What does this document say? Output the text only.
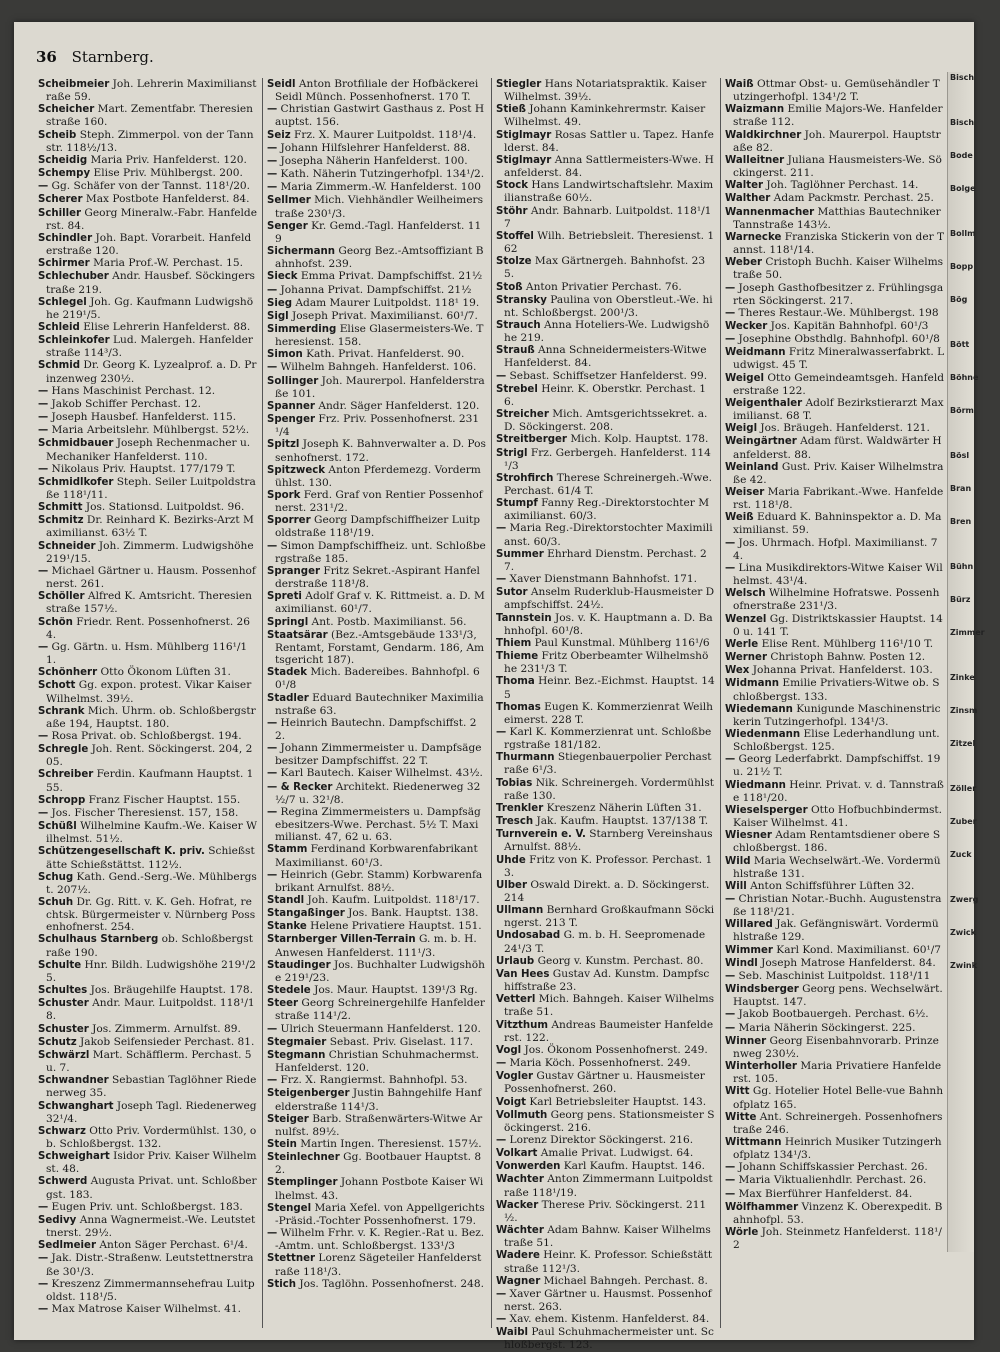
36 Starnberg.
Scheibmeier Joh. Lehrerin Maximilianstraße 59.
Scheicher Mart. Zementfabr. Theresienstraße 160.
Scheib Steph. Zimmerpol. von der Tannstr. 118½/13.
Scheidig Maria Priv. Hanfelderst. 120.
Schempy Elise Priv. Mühlbergst. 200.
— Gg. Schäfer von der Tannst. 118¹/20.
Scherer Max Postbote Hanfelderst. 84.
Schiller Georg Mineralw.-Fabr. Hanfelderst. 84.
Schindler Joh. Bapt. Vorarbeit. Hanfelderstraße 120.
Schirmer Maria Prof.-W. Perchast. 15.
Schlechuber Andr. Hausbef. Söckingerstraße 219.
Schlegel Joh. Gg. Kaufmann Ludwigshöhe 219¹/5.
Schleid Elise Lehrerin Hanfelderst. 88.
Schleinkofer Lud. Malergeh. Hanfelderstraße 114³/3.
Schmid Dr. Georg K. Lyzealprof. a. D. Prinzenweg 230½.
— Hans Maschinist Perchast. 12.
— Jakob Schiffer Perchast. 12.
— Joseph Hausbef. Hanfelderst. 115.
— Maria Arbeitslehr. Mühlbergst. 52½.
Schmidbauer Joseph Rechenmacher u. Mechaniker Hanfelderst. 110.
— Nikolaus Priv. Hauptst. 177/179 T.
Schmidlkofer Steph. Seiler Luitpoldstraße 118¹/11.
Schmitt Jos. Stationsd. Luitpoldst. 96.
Schmitz Dr. Reinhard K. Bezirks-Arzt Maximilianst. 63½ T.
Schneider Joh. Zimmerm. Ludwigshöhe 219¹/15.
— Michael Gärtner u. Hausm. Possenhofnerst. 261.
Schöller Alfred K. Amtsricht. Theresienstraße 157½.
Schön Friedr. Rent. Possenhofnerst. 264.
— Gg. Gärtn. u. Hsm. Mühlberg 116¹/11.
Schönherr Otto Ökonom Lüften 31.
Schott Gg. expon. protest. Vikar Kaiser Wilhelmst. 39½.
Schrank Mich. Uhrm. ob. Schloßbergstraße 194, Hauptst. 180.
— Rosa Privat. ob. Schloßbergst. 194.
Schregle Joh. Rent. Söckingerst. 204, 205.
Schreiber Ferdin. Kaufmann Hauptst. 155.
Schropp Franz Fischer Hauptst. 155.
— Jos. Fischer Theresienst. 157, 158.
Schüßl Wilhelmine Kaufm.-We. Kaiser Wilhelmst. 51½.
Schützengesellschaft K. priv. Schießstätte Schießstättst. 112½.
Schug Kath. Gend.-Serg.-We. Mühlbergst. 207½.
Schuh Dr. Gg. Ritt. v. K. Geh. Hofrat, rechtsk. Bürgermeister v. Nürnberg Possenhofnerst. 254.
Schulhaus Starnberg ob. Schloßbergstraße 190.
Schulte Hnr. Bildh. Ludwigshöhe 219¹/25.
Schultes Jos. Bräugehilfe Hauptst. 178.
Schuster Andr. Maur. Luitpoldst. 118¹/18.
Schuster Jos. Zimmerm. Arnulfst. 89.
Schutz Jakob Seifensieder Perchast. 81.
Schwärzl Mart. Schäfflerm. Perchast. 5u. 7.
Schwandner Sebastian Taglöhner Riedenerweg 35.
Schwanghart Joseph Tagl. Riedenerweg 32¹/4.
Schwarz Otto Priv. Vordermühlst. 130, ob. Schloßbergst. 132.
Schweighart Isidor Priv. Kaiser Wilhelmst. 48.
Schwerd Augusta Privat. unt. Schloßbergst. 183.
— Eugen Priv. unt. Schloßbergst. 183.
Sedivy Anna Wagnermeist.-We. Leutstettnerst. 29½.
Sedlmeier Anton Säger Perchast. 6¹/4.
— Jak. Distr.-Straßenw. Leutstettnerstraße 30¹/3.
— Kreszenz Zimmermannsehefrau Luitpoldst. 118¹/5.
— Max Matrose Kaiser Wilhelmst. 41.
Seidl Anton Brotfiliale der Hofbäckerei Seidl Münch. Possenhofnerst. 170 T.
— Christian Gastwirt Gasthaus z. Post Hauptst. 156.
Seiz Frz. X. Maurer Luitpoldst. 118¹/4.
— Johann Hilfslehrer Hanfelderst. 88.
— Josepha Näherin Hanfelderst. 100.
— Kath. Näherin Tutzingerhofpl. 134¹/2.
— Maria Zimmerm.-W. Hanfelderst. 100
Sellmer Mich. Viehhändler Weilheimerstraße 230¹/3.
Senger Kr. Gemd.-Tagl. Hanfelderst. 119
Sichermann Georg Bez.-Amtsoffiziant Bahnhofst. 239.
Sieck Emma Privat. Dampfschiffst. 21½
— Johanna Privat. Dampfschiffst. 21½
Sieg Adam Maurer Luitpoldst. 118¹ 19.
Sigl Joseph Privat. Maximilianst. 60¹/7.
Simmerding Elise Glasermeisters-We. Theresienst. 158.
Simon Kath. Privat. Hanfelderst. 90.
— Wilhelm Bahngeh. Hanfelderst. 106.
Sollinger Joh. Maurerpol. Hanfelderstraße 101.
Spanner Andr. Säger Hanfelderst. 120.
Spenger Frz. Priv. Possenhofnerst. 231¹/4
Spitzl Joseph K. Bahnverwalter a. D. Possenhofnerst. 172.
Spitzweck Anton Pferdemezg. Vordermühlst. 130.
Spork Ferd. Graf von Rentier Possenhofnerst. 231¹/2.
Sporrer Georg Dampfschiffheizer Luitpoldstraße 118¹/19.
— Simon Dampfschiffheiz. unt. Schloßbergstraße 185.
Spranger Fritz Sekret.-Aspirant Hanfelderstraße 118¹/8.
Spreti Adolf Graf v. K. Rittmeist. a. D. Maximilianst. 60¹/7.
Springl Ant. Postb. Maximilianst. 56.
Staatsärar (Bez.-Amtsgebäude 133¹/3, Rentamt, Forstamt, Gendarm. 186, Amtsgericht 187).
Stadek Mich. Badereibes. Bahnhofpl. 60¹/8
Stadler Eduard Bautechniker Maximilianstraße 63.
— Heinrich Bautechn. Dampfschiffst. 22.
— Johann Zimmermeister u. Dampfsägebesitzer Dampfschiffst. 22 T.
— Karl Bautech. Kaiser Wilhelmst. 43½.
— & Recker Architekt. Riedenerweg 32½/7 u. 32¹/8.
— Regina Zimmermeisters u. Dampfsägebesitzers-Wwe. Perchast. 5½ T. Maximilianst. 47, 62 u. 63.
Stamm Ferdinand Korbwarenfabrikant Maximilianst. 60¹/3.
— Heinrich (Gebr. Stamm) Korbwarenfabrikant Arnulfst. 88½.
Standl Joh. Kaufm. Luitpoldst. 118¹/17.
Stangaßinger Jos. Bank. Hauptst. 138.
Stanke Helene Privatiere Hauptst. 151.
Starnberger Villen-Terrain G. m. b. H. Anwesen Hanfelderst. 111¹/3.
Staudinger Jos. Buchhalter Ludwigshöhe 219¹/23.
Stedele Jos. Maur. Hauptst. 139¹/3 Rg.
Steer Georg Schreinergehilfe Hanfelderstraße 114¹/2.
— Ulrich Steuermann Hanfelderst. 120.
Stegmaier Sebast. Priv. Giselast. 117.
Stegmann Christian Schuhmachermst. Hanfelderst. 120.
— Frz. X. Rangiermst. Bahnhofpl. 53.
Steigenberger Justin Bahngehilfe Hanfelderstraße 114¹/3.
Steiger Barb. Straßenwärters-Witwe Arnulfst. 89½.
Stein Martin Ingen. Theresienst. 157½.
Steinlechner Gg. Bootbauer Hauptst. 82.
Stemplinger Johann Postbote Kaiser Wilhelmst. 43.
Stengel Maria Xefel. von Appellgerichts-Präsid.-Tochter Possenhofnerst. 179.
— Wilhelm Frhr. v. K. Regier.-Rat u. Bez.-Amtm. unt. Schloßbergst. 133¹/3
Stettner Lorenz Sägeteiler Hanfelderstraße 118¹/3.
Stich Jos. Taglöhn. Possenhofnerst. 248.
Stiegler Hans Notariatspraktik. Kaiser Wilhelmst. 39½.
Stieß Johann Kaminkehrermstr. Kaiser Wilhelmst. 49.
Stiglmayr Rosas Sattler u. Tapez. Hanfelderst. 84.
Stiglmayr Anna Sattlermeisters-Wwe. Hanfelderst. 84.
Stock Hans Landwirtschaftslehr. Maximilianstraße 60½.
Stöhr Andr. Bahnarb. Luitpoldst. 118¹/17
Stoffel Wilh. Betriebsleit. Theresienst. 162
Stolze Max Gärtnergeh. Bahnhofst. 235.
Stoß Anton Privatier Perchast. 76.
Stransky Paulina von Oberstleut.-We. hint. Schloßbergst. 200¹/3.
Strauch Anna Hoteliers-We. Ludwigshöhe 219.
Strauß Anna Schneidermeisters-Witwe Hanfelderst. 84.
— Sebast. Schiffsetzer Hanfelderst. 99.
Strebel Heinr. K. Oberstkr. Perchast. 16.
Streicher Mich. Amtsgerichtssekret. a. D. Söckingerst. 208.
Streitberger Mich. Kolp. Hauptst. 178.
Strigl Frz. Gerbergeh. Hanfelderst. 114¹/3
Strohfirch Therese Schreinergeh.-Wwe. Perchast. 61/4 T.
Stumpf Fanny Reg.-Direktorstochter Maximilianst. 60/3.
— Maria Reg.-Direktorstochter Maximilianst. 60/3.
Summer Ehrhard Dienstm. Perchast. 27.
— Xaver Dienstmann Bahnhofst. 171.
Sutor Anselm Ruderklub-Hausmeister Dampfschiffst. 24½.
Tannstein Jos. v. K. Hauptmann a. D. Bahnhofpl. 60¹/8.
Thiem Paul Kunstmal. Mühlberg 116¹/6
Thieme Fritz Oberbeamter Wilhelmshöhe 231¹/3 T.
Thoma Heinr. Bez.-Eichmst. Hauptst. 145
Thomas Eugen K. Kommerzienrat Weilheimerst. 228 T.
— Karl K. Kommerzienrat unt. Schloßbergstraße 181/182.
Thurmann Stiegenbauerpolier Perchastraße 6¹/3.
Tobias Nik. Schreinergeh. Vordermühlstraße 130.
Trenkler Kreszenz Näherin Lüften 31.
Tresch Jak. Kaufm. Hauptst. 137/138 T.
Turnverein e. V. Starnberg Vereinshaus Arnulfst. 88½.
Uhde Fritz von K. Professor. Perchast. 13.
Ulber Oswald Direkt. a. D. Söckingerst. 214
Ullmann Bernhard Großkaufmann Söckingerst. 213 T.
Undosabad G. m. b. H. Seepromenade 24¹/3 T.
Urlaub Georg v. Kunstm. Perchast. 80.
Van Hees Gustav Ad. Kunstm. Dampfschiffstraße 23.
Vetterl Mich. Bahngeh. Kaiser Wilhelmstraße 51.
Vitzthum Andreas Baumeister Hanfelderst. 122.
Vogl Jos. Ökonom Possenhofnerst. 249.
— Maria Köch. Possenhofnerst. 249.
Vogler Gustav Gärtner u. Hausmeister Possenhofnerst. 260.
Voigt Karl Betriebsleiter Hauptst. 143.
Vollmuth Georg pens. Stationsmeister Söckingerst. 216.
— Lorenz Direktor Söckingerst. 216.
Volkart Amalie Privat. Ludwigst. 64.
Vonwerden Karl Kaufm. Hauptst. 146.
Wachter Anton Zimmermann Luitpoldstraße 118¹/19.
Wacker Therese Priv. Söckingerst. 211½.
Wächter Adam Bahnw. Kaiser Wilhelmstraße 51.
Wadere Heinr. K. Professor. Schießstättstraße 112¹/3.
Wagner Michael Bahngeh. Perchast. 8.
— Xaver Gärtner u. Hausmst. Possenhofnerst. 263.
— Xav. ehem. Kistenm. Hanfelderst. 84.
Waibl Paul Schuhmachermeister unt. Schloßbergst. 123.
Waiß Ottmar Obst- u. Gemüsehändler Tutzingerhofpl. 134¹/2 T.
Waizmann Emilie Majors-We. Hanfelderstraße 112.
Waldkirchner Joh. Maurerpol. Hauptstraße 82.
Walleitner Juliana Hausmeisters-We. Söckingerst. 211.
Walter Joh. Taglöhner Perchast. 14.
Walther Adam Packmstr. Perchast. 25.
Wannenmacher Matthias Bautechniker Tannstraße 143½.
Warnecke Franziska Stickerin von der Tannst. 118¹/14.
Weber Cristoph Buchh. Kaiser Wilhelmstraße 50.
— Joseph Gasthofbesitzer z. Frühlingsgarten Söckingerst. 217.
— Theres Restaur.-We. Mühlbergst. 198
Wecker Jos. Kapitän Bahnhofpl. 60¹/3
— Josephine Obsthdlg. Bahnhofpl. 60¹/8
Weidmann Fritz Mineralwasserfabrkt. Ludwigst. 45 T.
Weigel Otto Gemeindeamtsgeh. Hanfelderstraße 122.
Weigenthaler Adolf Bezirkstierarzt Maximilianst. 68 T.
Weigl Jos. Bräugeh. Hanfelderst. 121.
Weingärtner Adam fürst. Waldwärter Hanfelderst. 88.
Weinland Gust. Priv. Kaiser Wilhelmstraße 42.
Weiser Maria Fabrikant.-Wwe. Hanfelderst. 118¹/8.
Weiß Eduard K. Bahninspektor a. D. Maximilianst. 59.
— Jos. Uhrmach. Hofpl. Maximilianst. 74.
— Lina Musikdirektors-Witwe Kaiser Wilhelmst. 43¹/4.
Welsch Wilhelmine Hofratswe. Possenhofnerstraße 231¹/3.
Wenzel Gg. Distriktskassier Hauptst. 140 u. 141 T.
Werle Elise Rent. Mühlberg 116¹/10 T.
Werner Christoph Bahnw. Posten 12.
Wex Johanna Privat. Hanfelderst. 103.
Widmann Emilie Privatiers-Witwe ob. Schloßbergst. 133.
Wiedemann Kunigunde Maschinenstrickerin Tutzingerhofpl. 134¹/3.
Wiedenmann Elise Lederhandlung unt. Schloßbergst. 125.
— Georg Lederfabrkt. Dampfschiffst. 19 u. 21½ T.
Wiedmann Heinr. Privat. v. d. Tannstraße 118¹/20.
Wieselsperger Otto Hofbuchbindermst. Kaiser Wilhelmst. 41.
Wiesner Adam Rentamtsdiener obere Schloßbergst. 186.
Wild Maria Wechselwärt.-We. Vordermühlstraße 131.
Will Anton Schiffsführer Lüften 32.
— Christian Notar.-Buchh. Augustenstraße 118¹/21.
Willared Jak. Gefängniswärt. Vordermühlstraße 129.
Wimmer Karl Kond. Maximilianst. 60¹/7
Windl Joseph Matrose Hanfelderst. 84.
— Seb. Maschinist Luitpoldst. 118¹/11
Windsberger Georg pens. Wechselwärt. Hauptst. 147.
— Jakob Bootbauergeh. Perchast. 6½.
— Maria Näherin Söckingerst. 225.
Winner Georg Eisenbahnvorarb. Prinzenweg 230½.
Winterholler Maria Privatiere Hanfelderst. 105.
Witt Gg. Hotelier Hotel Belle-vue Bahnhofplatz 165.
Witte Ant. Schreinergeh. Possenhofnerstraße 246.
Wittmann Heinrich Musiker Tutzingerhofplatz 134¹/3.
— Johann Schiffskassier Perchast. 26.
— Maria Viktualienhdlr. Perchast. 26.
— Max Bierführer Hanfelderst. 84.
Wölfhammer Vinzenz K. Oberexpedit. Bahnhofpl. 53.
Wörle Joh. Steinmetz Hanfelderst. 118¹/2
Bisch
Bisch
Bode
Bolge
Bollm
Bopp
Bög
Bött
Böhne
Börm
Bösl
Bran
Bren
Bühn
Bürz
Zimmer
Zinke
Zinsm
Zitzel
Zöller
Zuber
Zuck
Zwerg
Zwick
Zwink
